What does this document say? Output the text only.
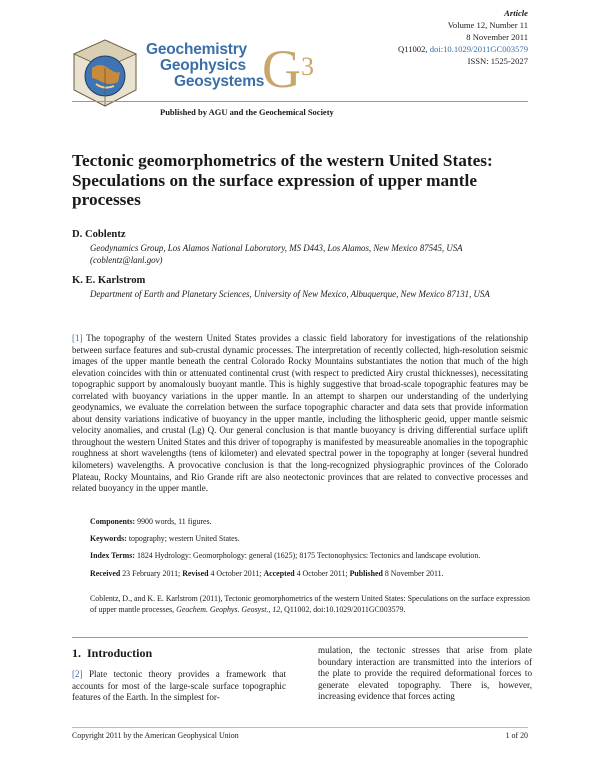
Geochemistry
Geophysics
Geosystems
$G^3$
Article
Volume 12, Number 11
8 November 2011
Q11002, doi:10.1029/2011GC003579
ISSN: 1525-2027
Published by AGU and the Geochemical Society
Tectonic geomorphometrics of the western United States: Speculations on the surface expression of upper mantle processes
D. Coblentz
Geodynamics Group, Los Alamos National Laboratory, MS D443, Los Alamos, New Mexico 87545, USA (coblentz@lanl.gov)
K. E. Karlstrom
Department of Earth and Planetary Sciences, University of New Mexico, Albuquerque, New Mexico 87131, USA
[1] The topography of the western United States provides a classic field laboratory for investigations of the relationship between surface features and sub-crustal dynamic processes. The interpretation of recently collected, high-resolution seismic images of the upper mantle beneath the central Colorado Rocky Mountains substantiates the notion that much of the high elevation coincides with thin or attenuated continental crust (with respect to predicted Airy crustal thicknesses), necessitating topographic support by anomalously buoyant mantle. This is highly suggestive that broad-scale topographic features may be correlated with buoyancy variations in the upper mantle. In an attempt to sharpen our understanding of the underlying geodynamics, we evaluate the correlation between the surface topographic character and data sets that provide information about density variations indicative of buoyancy in the upper mantle, including the lithospheric geoid, upper mantle seismic velocity anomalies, and crustal (Lg) Q. Our general conclusion is that mantle buoyancy is driving differential surface uplift throughout the western United States and this driver of topography is manifested by measureable anomalies in the topographic roughness at short wavelengths (tens of kilometer) and elevated spectral power in the topography at longer (several hundred kilometers) wavelengths. A provocative conclusion is that the long-recognized physiographic provinces of the Colorado Plateau, Rocky Mountains, and Rio Grande rift are also neotectonic provinces that are related to convective processes and related buoyancy in the upper mantle.
Components: 9900 words, 11 figures.
Keywords: topography; western United States.
Index Terms: 1824 Hydrology: Geomorphology: general (1625); 8175 Tectonophysics: Tectonics and landscape evolution.
Received 23 February 2011; Revised 4 October 2011; Accepted 4 October 2011; Published 8 November 2011.
Coblentz, D., and K. E. Karlstrom (2011), Tectonic geomorphometrics of the western United States: Speculations on the surface expression of upper mantle processes, Geochem. Geophys. Geosyst., 12, Q11002, doi:10.1029/2011GC003579.
1. Introduction
[2] Plate tectonic theory provides a framework that accounts for most of the large-scale surface topographic features of the Earth. In the simplest for-
mulation, the tectonic stresses that arise from plate boundary interaction are transmitted into the interiors of the plate to provide the required deformational forces to generate elevated topography. There is, however, increasing evidence that forces acting
Copyright 2011 by the American Geophysical Union	1 of 20
